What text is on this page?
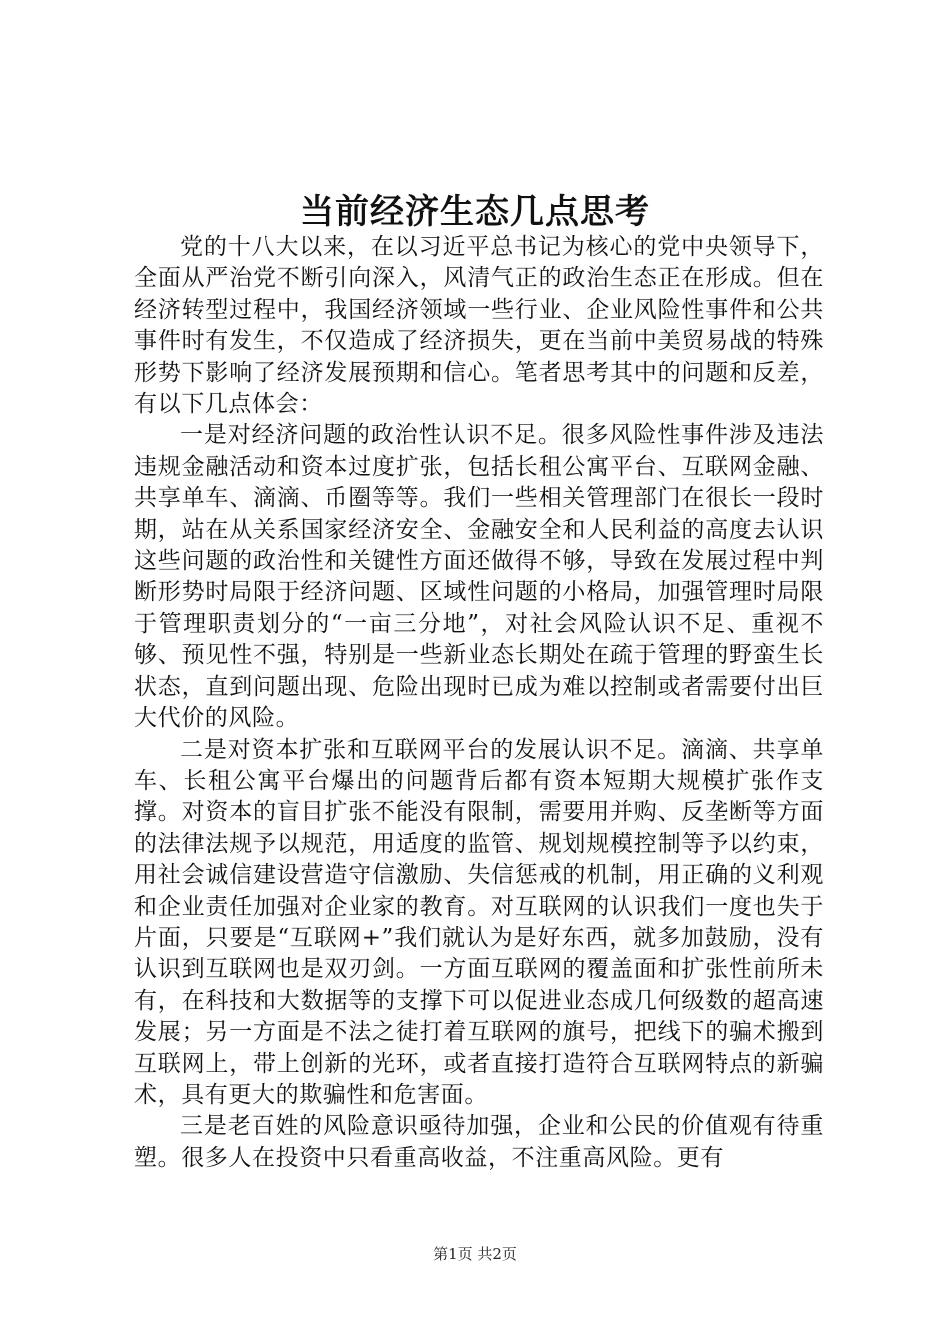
当前经济生态几点思考

党的十八大以来，在以习近平总书记为核心的党中央领导下，全面从严治党不断引向深入，风清气正的政治生态正在形成。但在经济转型过程中，我国经济领域一些行业、企业风险性事件和公共事件时有发生，不仅造成了经济损失，更在当前中美贸易战的特殊形势下影响了经济发展预期和信心。笔者思考其中的问题和反差，有以下几点体会：

一是对经济问题的政治性认识不足。很多风险性事件涉及违法违规金融活动和资本过度扩张，包括长租公寓平台、互联网金融、共享单车、滴滴、币圈等等。我们一些相关管理部门在很长一段时期，站在从关系国家经济安全、金融安全和人民利益的高度去认识这些问题的政治性和关键性方面还做得不够，导致在发展过程中判断形势时局限于经济问题、区域性问题的小格局，加强管理时局限于管理职责划分的“一亩三分地”，对社会风险认识不足、重视不够、预见性不强，特别是一些新业态长期处在疏于管理的野蛮生长状态，直到问题出现、危险出现时已成为难以控制或者需要付出巨大代价的风险。

二是对资本扩张和互联网平台的发展认识不足。滴滴、共享单车、长租公寓平台爆出的问题背后都有资本短期大规模扩张作支撑。对资本的盲目扩张不能没有限制，需要用并购、反垄断等方面的法律法规予以规范，用适度的监管、规划规模控制等予以约束，用社会诚信建设营造守信激励、失信惩戒的机制，用正确的义利观和企业责任加强对企业家的教育。对互联网的认识我们一度也失于片面，只要是“互联网+”我们就认为是好东西，就多加鼓励，没有认识到互联网也是双刃剑。一方面互联网的覆盖面和扩张性前所未有，在科技和大数据等的支撑下可以促进业态成几何级数的超高速发展；另一方面是不法之徒打着互联网的旗号，把线下的骗术搬到互联网上，带上创新的光环，或者直接打造符合互联网特点的新骗术，具有更大的欺骗性和危害面。

三是老百姓的风险意识亟待加强，企业和公民的价值观有待重塑。很多人在投资中只看重高收益，不注重高风险。更有

第1页 共2页
